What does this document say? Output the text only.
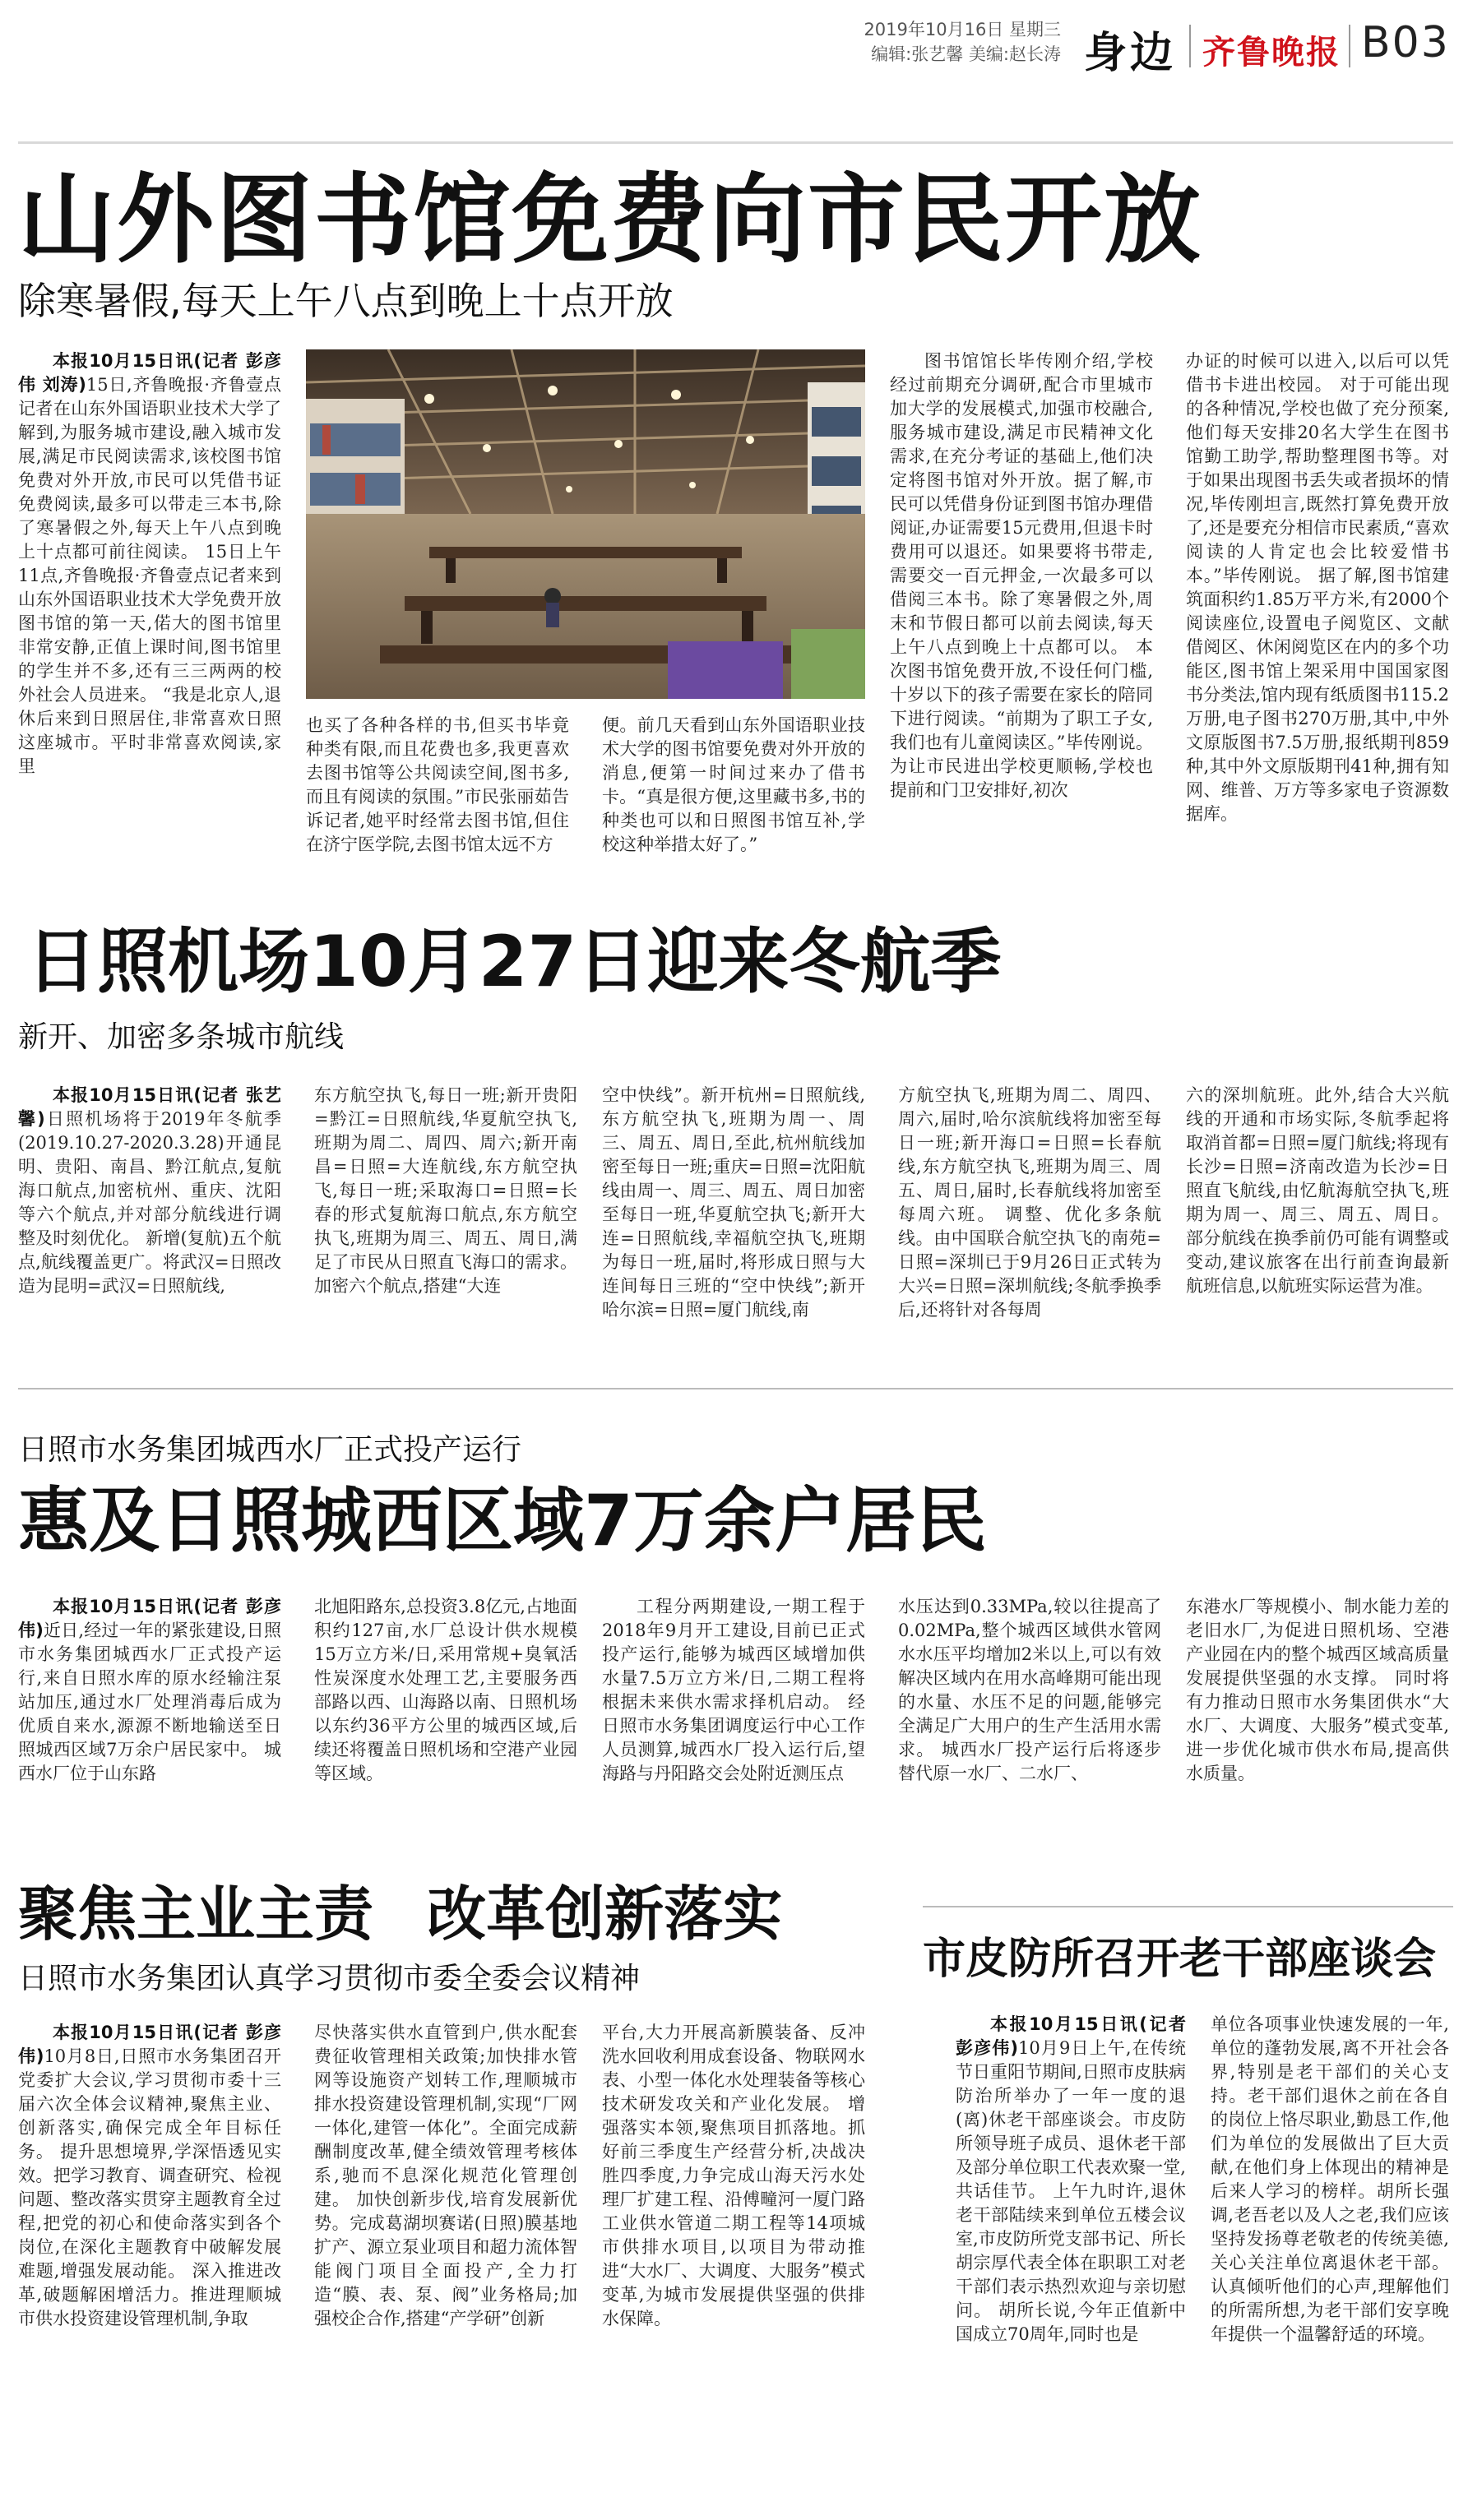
2019年10月16日 星期三
编辑:张艺馨 美编:赵长涛 身边 齐鲁晚报 B03
山外图书馆免费向市民开放
除寒暑假,每天上午八点到晚上十点开放

本报10月15日讯(记者 彭彦伟 刘涛)15日,齐鲁晚报·齐鲁壹点记者在山东外国语职业技术大学了解到,为服务城市建设,融入城市发展,满足市民阅读需求,该校图书馆免费对外开放,市民可以凭借书证免费阅读,最多可以带走三本书,除了寒暑假之外,每天上午八点到晚上十点都可前往阅读。 15日上午11点,齐鲁晚报·齐鲁壹点记者来到山东外国语职业技术大学免费开放图书馆的第一天,偌大的图书馆里非常安静,正值上课时间,图书馆里的学生并不多,还有三三两两的校外社会人员进来。 “我是北京人,退休后来到日照居住,非常喜欢日照这座城市。平时非常喜欢阅读,家里

也买了各种各样的书,但买书毕竟种类有限,而且花费也多,我更喜欢去图书馆等公共阅读空间,图书多,而且有阅读的氛围。”市民张丽茹告诉记者,她平时经常去图书馆,但住在济宁医学院,去图书馆太远不方

便。前几天看到山东外国语职业技术大学的图书馆要免费对外开放的消息,便第一时间过来办了借书卡。“真是很方便,这里藏书多,书的种类也可以和日照图书馆互补,学校这种举措太好了。”

图书馆馆长毕传刚介绍,学校经过前期充分调研,配合市里城市加大学的发展模式,加强市校融合,服务城市建设,满足市民精神文化需求,在充分考证的基础上,他们决定将图书馆对外开放。据了解,市民可以凭借身份证到图书馆办理借阅证,办证需要15元费用,但退卡时费用可以退还。如果要将书带走,需要交一百元押金,一次最多可以借阅三本书。除了寒暑假之外,周末和节假日都可以前去阅读,每天上午八点到晚上十点都可以。 本次图书馆免费开放,不设任何门槛,十岁以下的孩子需要在家长的陪同下进行阅读。“前期为了职工子女,我们也有儿童阅读区。”毕传刚说。为让市民进出学校更顺畅,学校也提前和门卫安排好,初次

办证的时候可以进入,以后可以凭借书卡进出校园。 对于可能出现的各种情况,学校也做了充分预案,他们每天安排20名大学生在图书馆勤工助学,帮助整理图书等。对于如果出现图书丢失或者损坏的情况,毕传刚坦言,既然打算免费开放了,还是要充分相信市民素质,“喜欢阅读的人肯定也会比较爱惜书本。”毕传刚说。 据了解,图书馆建筑面积约1.85万平方米,有2000个阅读座位,设置电子阅览区、文献借阅区、休闲阅览区在内的多个功能区,图书馆上架采用中国国家图书分类法,馆内现有纸质图书115.2万册,电子图书270万册,其中,中外文原版图书7.5万册,报纸期刊859种,其中外文原版期刊41种,拥有知网、维普、万方等多家电子资源数据库。

日照机场10月27日迎来冬航季
新开、加密多条城市航线

本报10月15日讯(记者 张艺馨)日照机场将于2019年冬航季(2019.10.27-2020.3.28)开通昆明、贵阳、南昌、黔江航点,复航海口航点,加密杭州、重庆、沈阳等六个航点,并对部分航线进行调整及时刻优化。 新增(复航)五个航点,航线覆盖更广。将武汉=日照改造为昆明=武汉=日照航线,

东方航空执飞,每日一班;新开贵阳=黔江=日照航线,华夏航空执飞,班期为周二、周四、周六;新开南昌=日照=大连航线,东方航空执飞,每日一班;采取海口=日照=长春的形式复航海口航点,东方航空执飞,班期为周三、周五、周日,满足了市民从日照直飞海口的需求。 加密六个航点,搭建“大连

空中快线”。新开杭州=日照航线,东方航空执飞,班期为周一、周三、周五、周日,至此,杭州航线加密至每日一班;重庆=日照=沈阳航线由周一、周三、周五、周日加密至每日一班,华夏航空执飞;新开大连=日照航线,幸福航空执飞,班期为每日一班,届时,将形成日照与大连间每日三班的“空中快线”;新开哈尔滨=日照=厦门航线,南

方航空执飞,班期为周二、周四、周六,届时,哈尔滨航线将加密至每日一班;新开海口=日照=长春航线,东方航空执飞,班期为周三、周五、周日,届时,长春航线将加密至每周六班。 调整、优化多条航线。由中国联合航空执飞的南苑=日照=深圳已于9月26日正式转为大兴=日照=深圳航线;冬航季换季后,还将针对各每周

六的深圳航班。此外,结合大兴航线的开通和市场实际,冬航季起将取消首都=日照=厦门航线;将现有长沙=日照=济南改造为长沙=日照直飞航线,由忆航海航空执飞,班期为周一、周三、周五、周日。 部分航线在换季前仍可能有调整或变动,建议旅客在出行前查询最新航班信息,以航班实际运营为准。

日照市水务集团城西水厂正式投产运行
惠及日照城西区域7万余户居民

本报10月15日讯(记者 彭彦伟)近日,经过一年的紧张建设,日照市水务集团城西水厂正式投产运行,来自日照水库的原水经输注泵站加压,通过水厂处理消毒后成为优质自来水,源源不断地输送至日照城西区域7万余户居民家中。 城西水厂位于山东路

北旭阳路东,总投资3.8亿元,占地面积约127亩,水厂总设计供水规模15万立方米/日,采用常规+臭氧活性炭深度水处理工艺,主要服务西部路以西、山海路以南、日照机场以东约36平方公里的城西区域,后续还将覆盖日照机场和空港产业园等区域。

工程分两期建设,一期工程于2018年9月开工建设,目前已正式投产运行,能够为城西区域增加供水量7.5万立方米/日,二期工程将根据未来供水需求择机启动。 经日照市水务集团调度运行中心工作人员测算,城西水厂投入运行后,望海路与丹阳路交会处附近测压点

水压达到0.33MPa,较以往提高了0.02MPa,整个城西区域供水管网水水压平均增加2米以上,可以有效解决区域内在用水高峰期可能出现的水量、水压不足的问题,能够完全满足广大用户的生产生活用水需求。 城西水厂投产运行后将逐步替代原一水厂、二水厂、

东港水厂等规模小、制水能力差的老旧水厂,为促进日照机场、空港产业园在内的整个城西区域高质量发展提供坚强的水支撑。 同时将有力推动日照市水务集团供水“大水厂、大调度、大服务”模式变革,进一步优化城市供水布局,提高供水质量。

聚焦主业主责 改革创新落实
日照市水务集团认真学习贯彻市委全委会议精神

本报10月15日讯(记者 彭彦伟)10月8日,日照市水务集团召开党委扩大会议,学习贯彻市委十三届六次全体会议精神,聚焦主业、创新落实,确保完成全年目标任务。 提升思想境界,学深悟透见实效。把学习教育、调查研究、检视问题、整改落实贯穿主题教育全过程,把党的初心和使命落实到各个岗位,在深化主题教育中破解发展难题,增强发展动能。 深入推进改革,破题解困增活力。推进理顺城市供水投资建设管理机制,争取

尽快落实供水直管到户,供水配套费征收管理相关政策;加快排水管网等设施资产划转工作,理顺城市排水投资建设管理机制,实现“厂网一体化,建管一体化”。全面完成薪酬制度改革,健全绩效管理考核体系,驰而不息深化规范化管理创建。 加快创新步伐,培育发展新优势。完成葛湖坝赛诺(日照)膜基地扩产、源立泵业项目和超力流体智能阀门项目全面投产,全力打造“膜、表、泵、阀”业务格局;加强校企合作,搭建“产学研”创新

平台,大力开展高新膜装备、反冲洗水回收利用成套设备、物联网水表、小型一体化水处理装备等核心技术研发攻关和产业化发展。 增强落实本领,聚焦项目抓落地。抓好前三季度生产经营分析,决战决胜四季度,力争完成山海天污水处理厂扩建工程、沿傅疃河一厦门路工业供水管道二期工程等14项城市供排水项目,以项目为带动推进“大水厂、大调度、大服务”模式变革,为城市发展提供坚强的供排水保障。

市皮防所召开老干部座谈会

本报10月15日讯(记者 彭彦伟)10月9日上午,在传统节日重阳节期间,日照市皮肤病防治所举办了一年一度的退(离)休老干部座谈会。市皮防所领导班子成员、退休老干部及部分单位职工代表欢聚一堂,共话佳节。 上午九时许,退休老干部陆续来到单位五楼会议室,市皮防所党支部书记、所长胡宗厚代表全体在职职工对老干部们表示热烈欢迎与亲切慰问。 胡所长说,今年正值新中国成立70周年,同时也是

单位各项事业快速发展的一年,单位的蓬勃发展,离不开社会各界,特别是老干部们的关心支持。老干部们退休之前在各自的岗位上恪尽职业,勤恳工作,他们为单位的发展做出了巨大贡献,在他们身上体现出的精神是后来人学习的榜样。胡所长强调,老吾老以及人之老,我们应该坚持发扬尊老敬老的传统美德,关心关注单位离退休老干部。认真倾听他们的心声,理解他们的所需所想,为老干部们安享晚年提供一个温馨舒适的环境。
